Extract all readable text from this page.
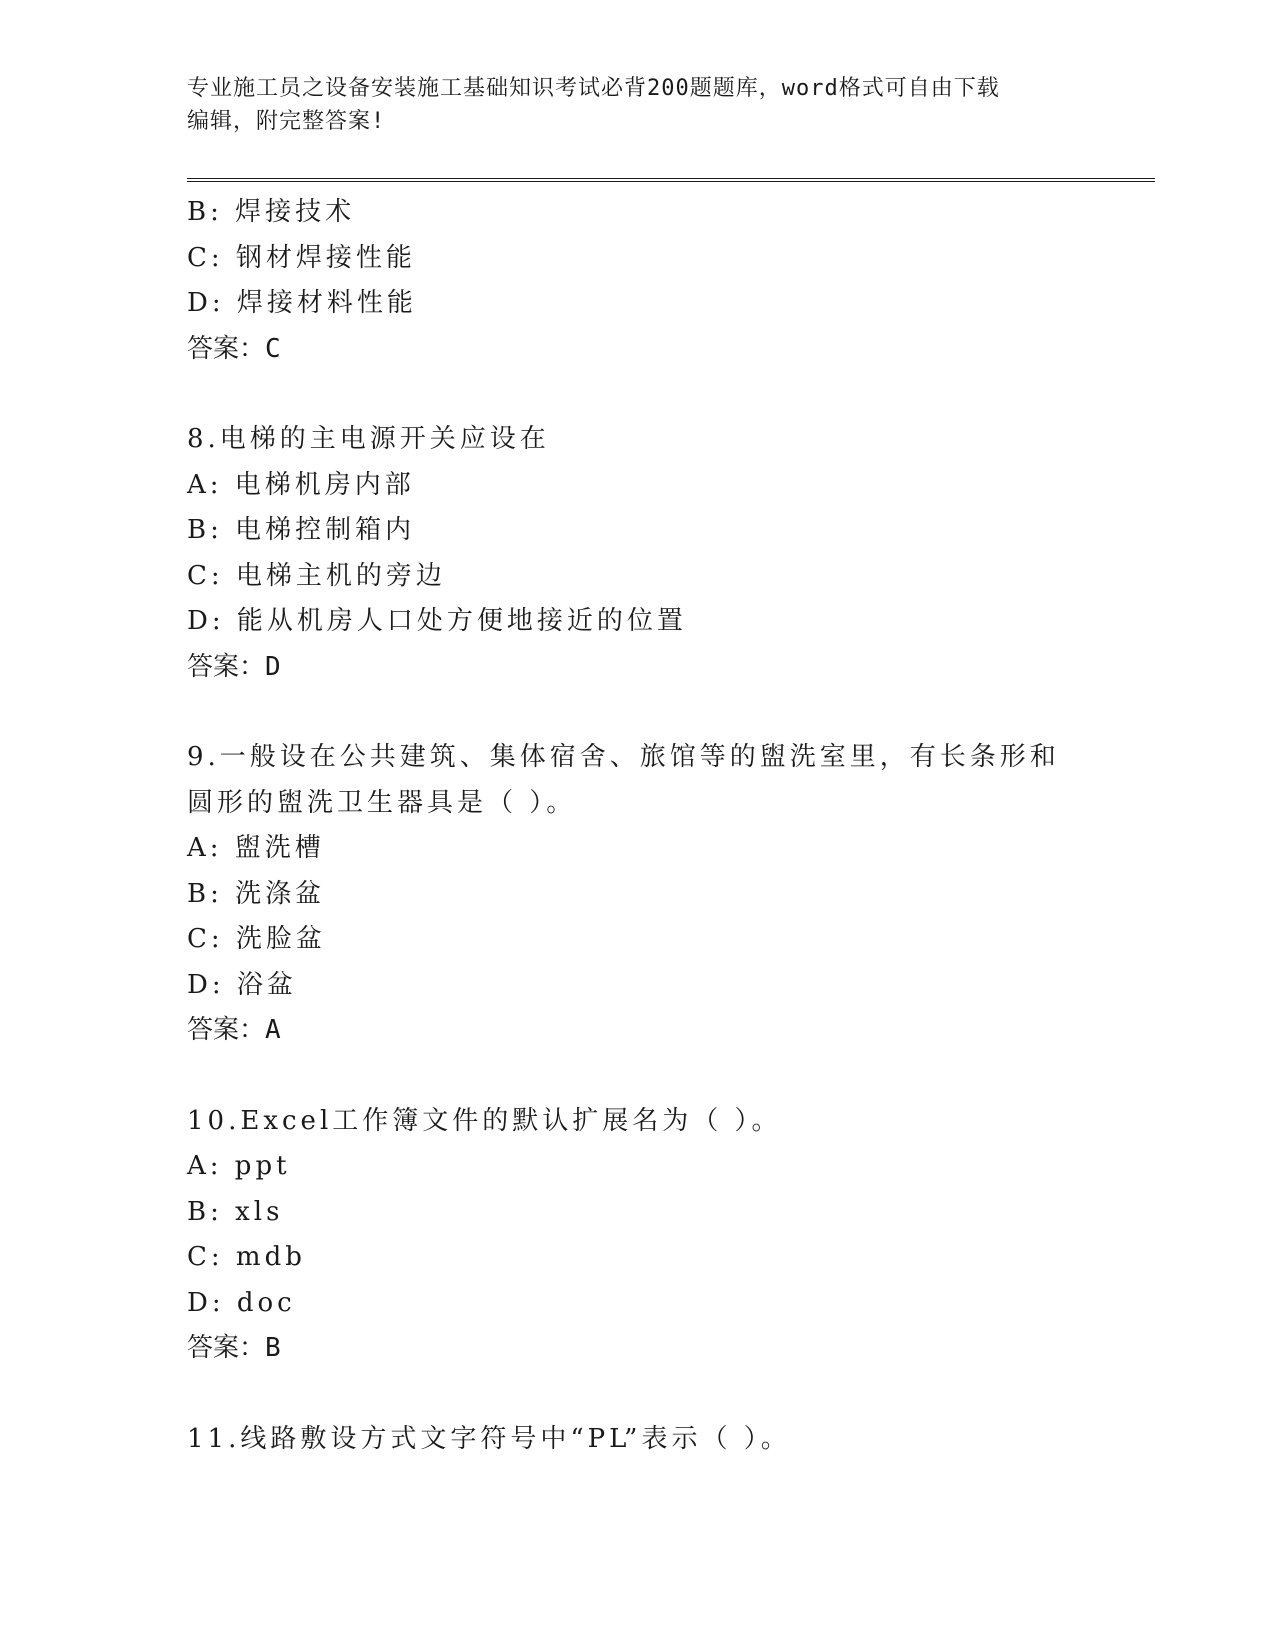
专业施工员之设备安装施工基础知识考试必背200题题库，word格式可自由下载
编辑，附完整答案!
B: 焊接技术
C: 钢材焊接性能
D: 焊接材料性能
答案：C
8.电梯的主电源开关应设在
A: 电梯机房内部
B: 电梯控制箱内
C: 电梯主机的旁边
D: 能从机房人口处方便地接近的位置
答案：D
9.一般设在公共建筑、集体宿舍、旅馆等的盥洗室里，有长条形和圆形的盥洗卫生器具是（ ）。
A: 盥洗槽
B: 洗涤盆
C: 洗脸盆
D: 浴盆
答案：A
10.Excel工作簿文件的默认扩展名为（ ）。
A: ppt
B: xls
C: mdb
D: doc
答案：B
11.线路敷设方式文字符号中“PL”表示（ ）。
